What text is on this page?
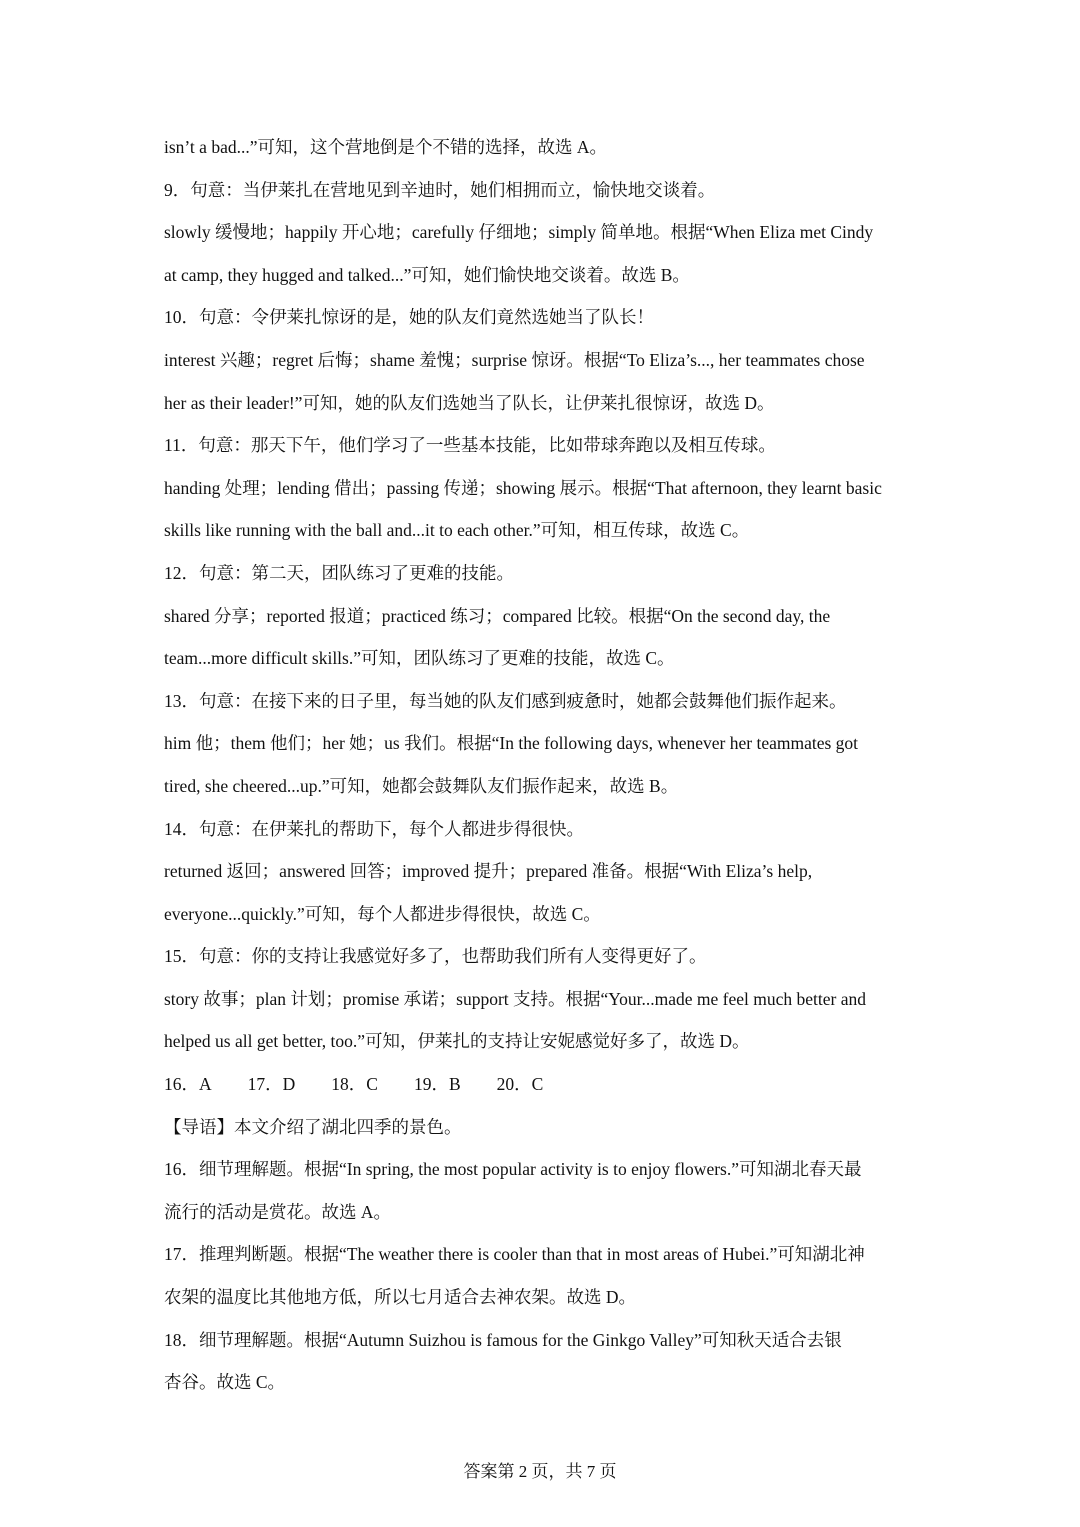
isn’t a bad...”可知，这个营地倒是个不错的选择，故选 A。
9．句意：当伊莱扎在营地见到辛迪时，她们相拥而立，愉快地交谈着。
slowly 缓慢地；happily 开心地；carefully 仔细地；simply 简单地。根据“When Eliza met Cindy
at camp, they hugged and talked...”可知，她们愉快地交谈着。故选 B。
10．句意：令伊莱扎惊讶的是，她的队友们竟然选她当了队长！
interest 兴趣；regret 后悔；shame 羞愧；surprise 惊讶。根据“To Eliza’s..., her teammates chose
her as their leader!”可知，她的队友们选她当了队长，让伊莱扎很惊讶，故选 D。
11．句意：那天下午，他们学习了一些基本技能，比如带球奔跑以及相互传球。
handing 处理；lending 借出；passing 传递；showing 展示。根据“That afternoon, they learnt basic
skills like running with the ball and...it to each other.”可知，相互传球，故选 C。
12．句意：第二天，团队练习了更难的技能。
shared 分享；reported 报道；practiced 练习；compared 比较。根据“On the second day, the
team...more difficult skills.”可知，团队练习了更难的技能，故选 C。
13．句意：在接下来的日子里，每当她的队友们感到疲惫时，她都会鼓舞他们振作起来。
him 他；them 他们；her 她；us 我们。根据“In the following days, whenever her teammates got
tired, she cheered...up.”可知，她都会鼓舞队友们振作起来，故选 B。
14．句意：在伊莱扎的帮助下，每个人都进步得很快。
returned 返回；answered 回答；improved 提升；prepared 准备。根据“With Eliza’s help,
everyone...quickly.”可知，每个人都进步得很快，故选 C。
15．句意：你的支持让我感觉好多了，也帮助我们所有人变得更好了。
story 故事；plan 计划；promise 承诺；support 支持。根据“Your...made me feel much better and
helped us all get better, too.”可知，伊莱扎的支持让安妮感觉好多了，故选 D。
16．A 17．D 18．C 19．B 20．C
【导语】本文介绍了湖北四季的景色。
16．细节理解题。根据“In spring, the most popular activity is to enjoy flowers.”可知湖北春天最
流行的活动是赏花。故选 A。
17．推理判断题。根据“The weather there is cooler than that in most areas of Hubei.”可知湖北神
农架的温度比其他地方低，所以七月适合去神农架。故选 D。
18．细节理解题。根据“Autumn Suizhou is famous for the Ginkgo Valley”可知秋天适合去银
杏谷。故选 C。
答案第 2 页，共 7 页
